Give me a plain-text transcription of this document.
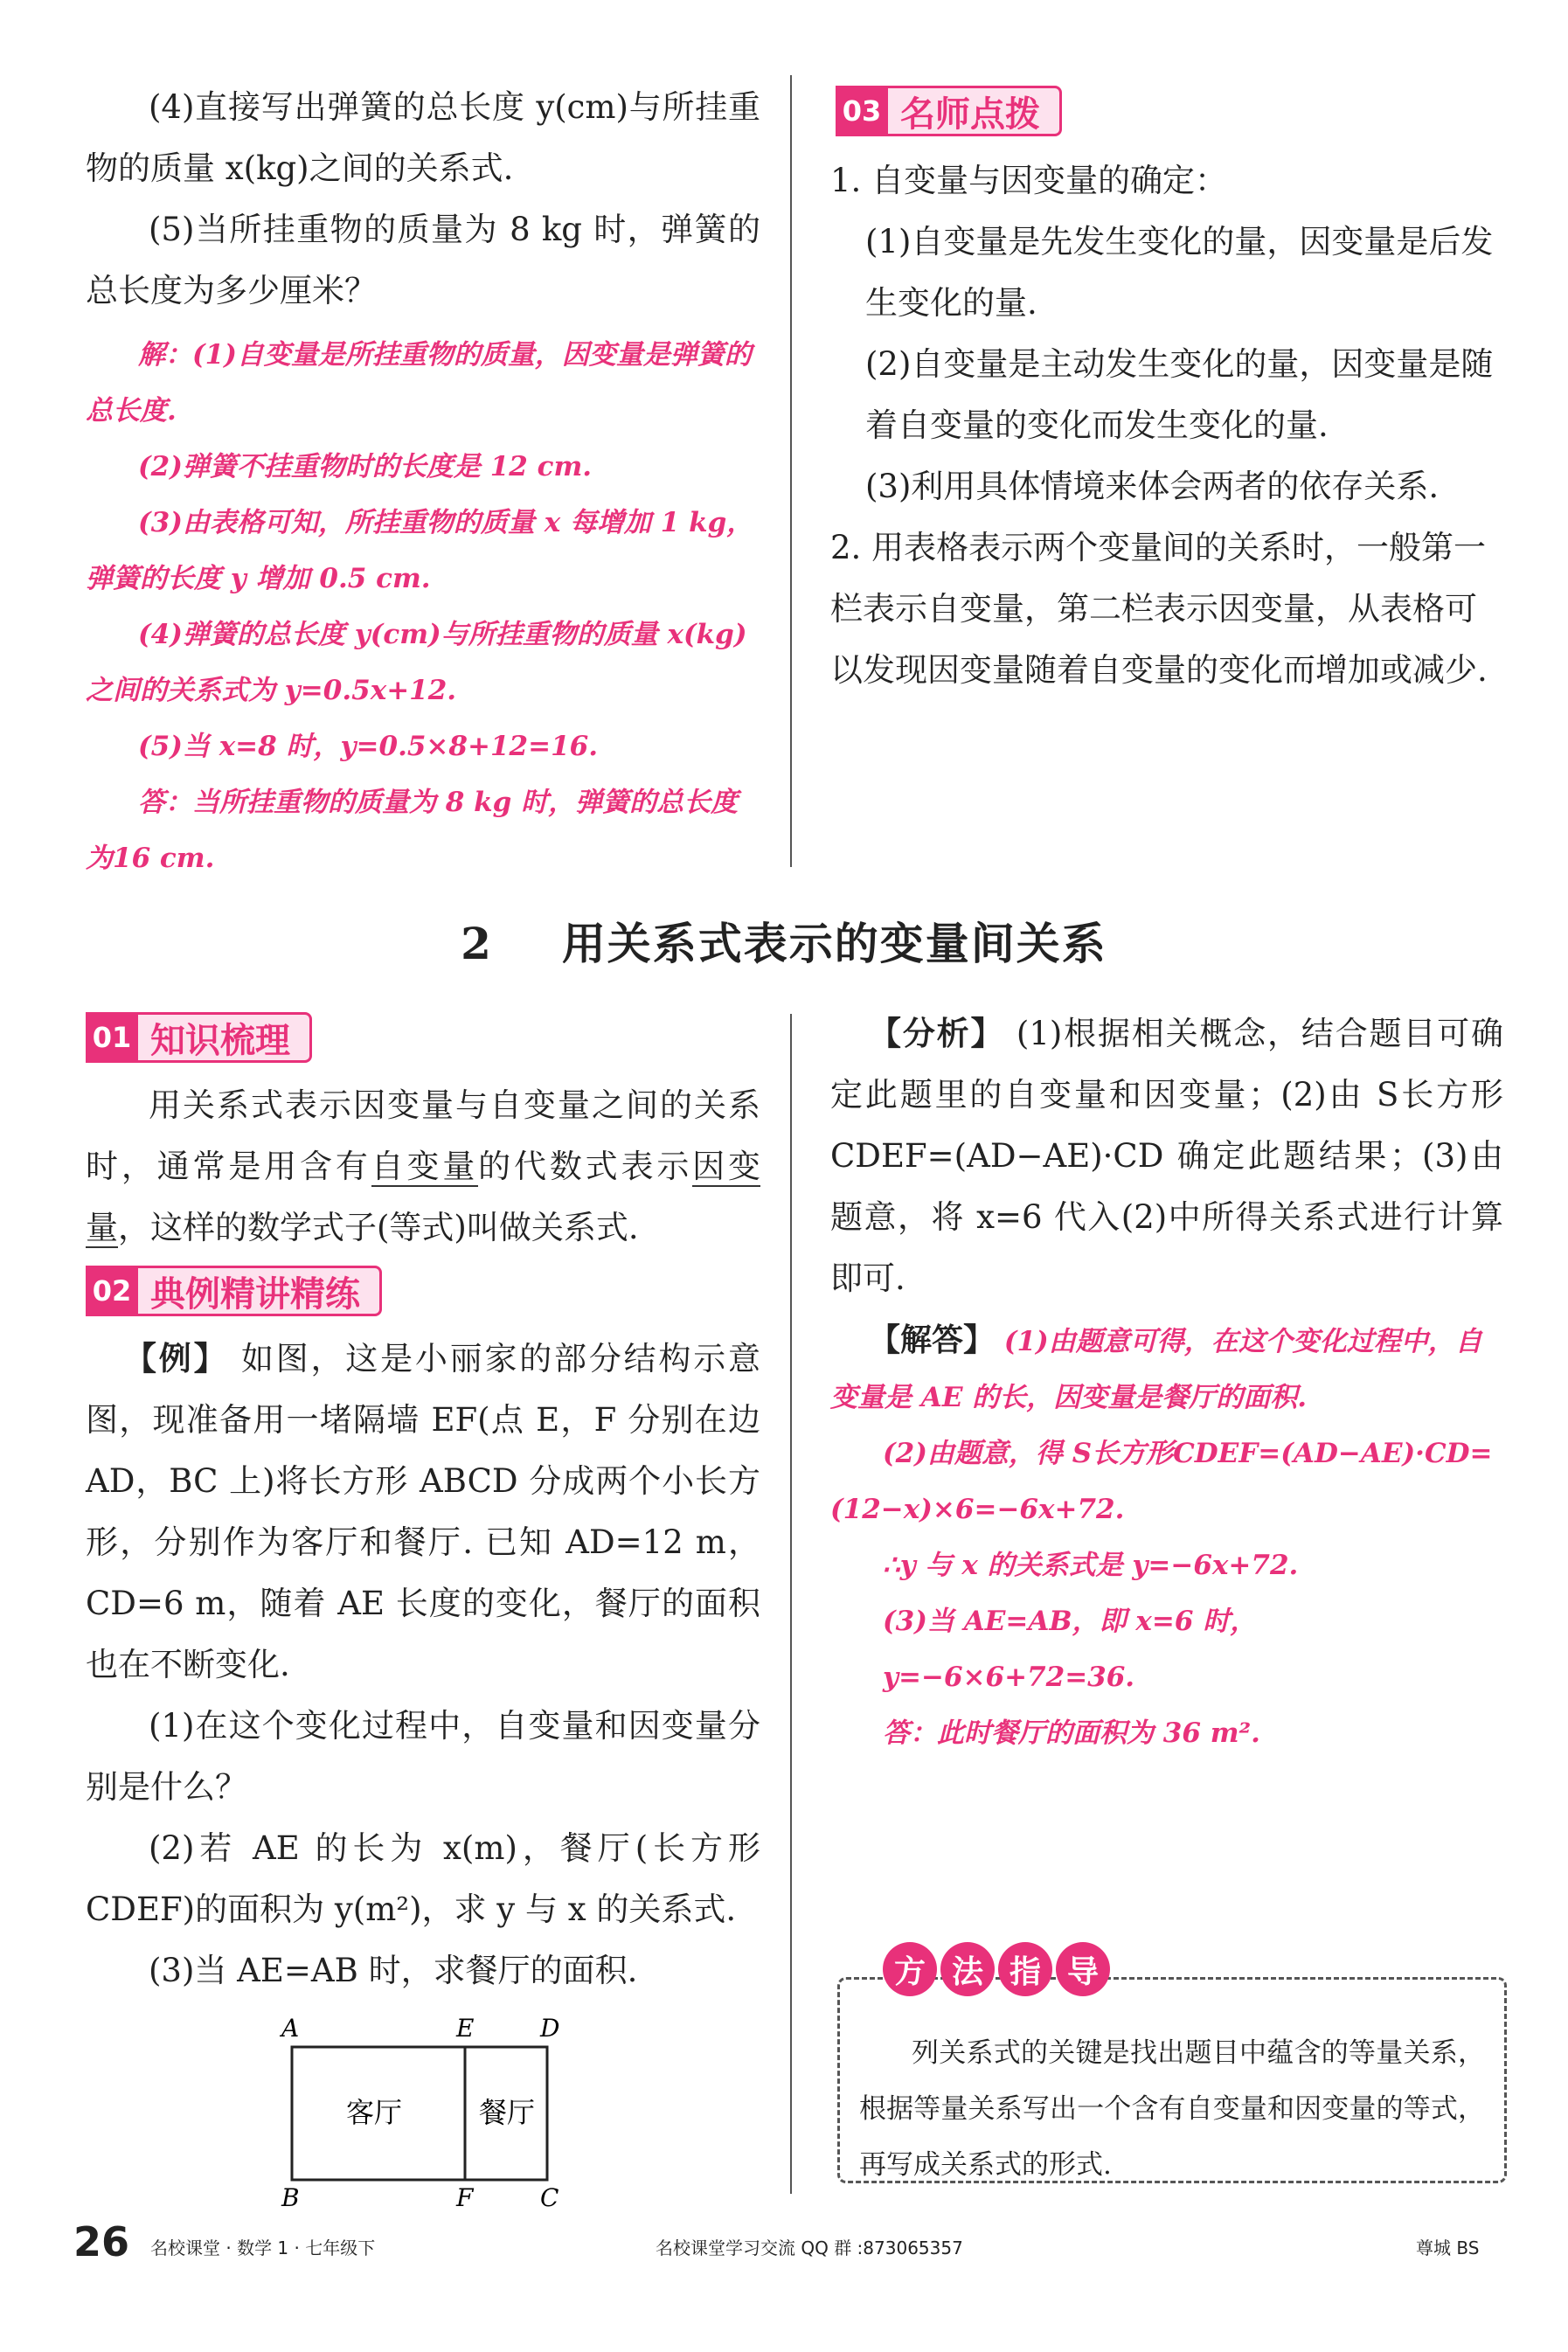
(4)直接写出弹簧的总长度 y(cm)与所挂重物的质量 x(kg)之间的关系式.

(5)当所挂重物的质量为 8 kg 时，弹簧的总长度为多少厘米？

解：(1)自变量是所挂重物的质量，因变量是弹簧的总长度.

(2)弹簧不挂重物时的长度是 12 cm.

(3)由表格可知，所挂重物的质量 x 每增加 1 kg，弹簧的长度 y 增加 0.5 cm.

(4)弹簧的总长度 y(cm)与所挂重物的质量 x(kg)之间的关系式为 y=0.5x+12.

(5)当 x=8 时，y=0.5×8+12=16.

答：当所挂重物的质量为 8 kg 时，弹簧的总长度为16 cm.

03 名师点拨

1. 自变量与因变量的确定：

(1)自变量是先发生变化的量，因变量是后发生变化的量.

(2)自变量是主动发生变化的量，因变量是随着自变量的变化而发生变化的量.

(3)利用具体情境来体会两者的依存关系.

2. 用表格表示两个变量间的关系时，一般第一栏表示自变量，第二栏表示因变量，从表格可以发现因变量随着自变量的变化而增加或减少.

2 用关系式表示的变量间关系
01 知识梳理

用关系式表示因变量与自变量之间的关系时，通常是用含有自变量的代数式表示因变量，这样的数学式子(等式)叫做关系式.

02 典例精讲精练

【例】 如图，这是小丽家的部分结构示意图，现准备用一堵隔墙 EF(点 E，F 分别在边 AD，BC 上)将长方形 ABCD 分成两个小长方形，分别作为客厅和餐厅. 已知 AD=12 m，CD=6 m，随着 AE 长度的变化，餐厅的面积也在不断变化.

(1)在这个变化过程中，自变量和因变量分别是什么？

(2)若 AE 的长为 x(m)，餐厅(长方形 CDEF)的面积为 y(m²)，求 y 与 x 的关系式.

(3)当 AE=AB 时，求餐厅的面积.

A	E	D
B	F	C
客厅	餐厅

【分析】 (1)根据相关概念，结合题目可确定此题里的自变量和因变量；(2)由 S长方形CDEF=(AD−AE)·CD 确定此题结果；(3)由题意，将 x=6 代入(2)中所得关系式进行计算即可.

【解答】 (1)由题意可得，在这个变化过程中，自变量是 AE 的长，因变量是餐厅的面积.

(2)由题意，得 S长方形CDEF=(AD−AE)·CD=(12−x)×6=−6x+72.

∴y 与 x 的关系式是 y=−6x+72.

(3)当 AE=AB，即 x=6 时，

y=−6×6+72=36.

答：此时餐厅的面积为 36 m².

列关系式的关键是找出题目中蕴含的等量关系，根据等量关系写出一个含有自变量和因变量的等式，再写成关系式的形式.

方 法 指 导
26 名校课堂 · 数学 1 · 七年级下	名校课堂学习交流 QQ 群 :873065357	尊城 BS
